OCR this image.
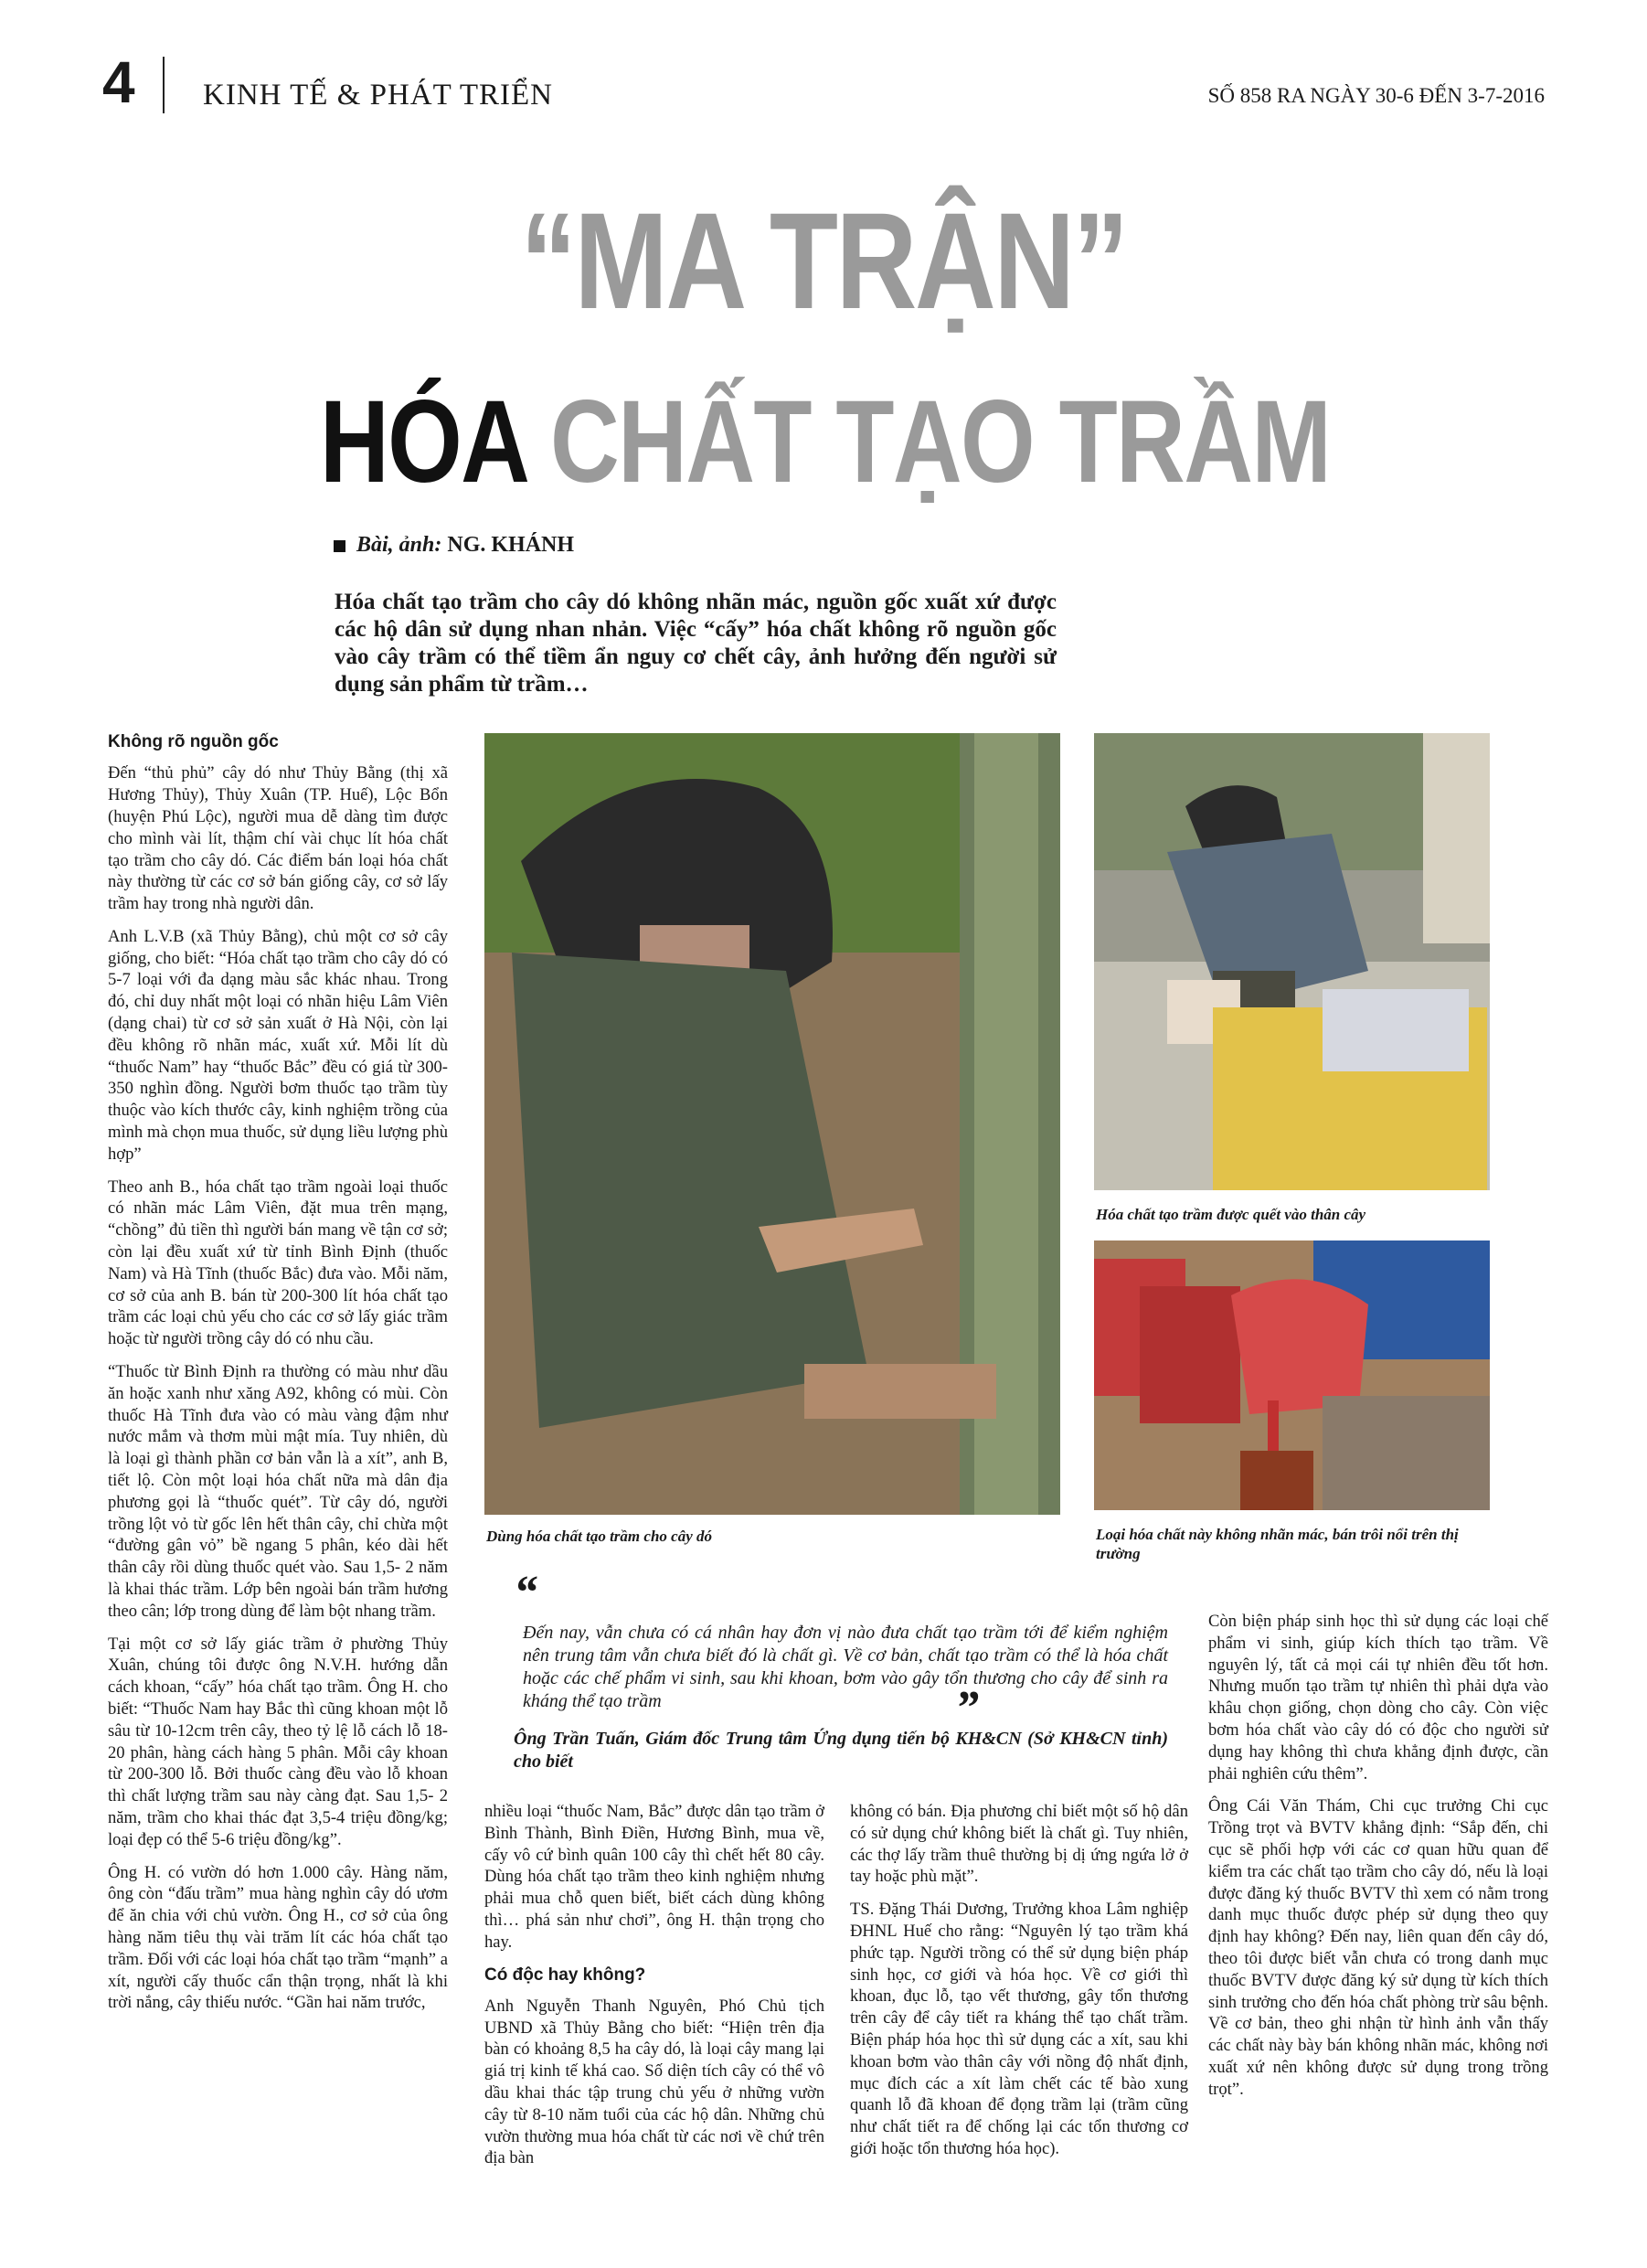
4 KINH TẾ & PHÁT TRIỂN	SỐ 858 RA NGÀY 30-6 ĐẾN 3-7-2016
“MA TRẬN”
HÓA CHẤT TẠO TRẦM
Bài, ảnh: NG. KHÁNH
Hóa chất tạo trầm cho cây dó không nhãn mác, nguồn gốc xuất xứ được các hộ dân sử dụng nhan nhản. Việc “cấy” hóa chất không rõ nguồn gốc vào cây trầm có thể tiềm ẩn nguy cơ chết cây, ảnh hưởng đến người sử dụng sản phẩm từ trầm…
Không rõ nguồn gốc

Đến “thủ phủ” cây dó như Thủy Bằng (thị xã Hương Thủy), Thủy Xuân (TP. Huế), Lộc Bổn (huyện Phú Lộc), người mua dễ dàng tìm được cho mình vài lít, thậm chí vài chục lít hóa chất tạo trầm cho cây dó. Các điểm bán loại hóa chất này thường từ các cơ sở bán giống cây, cơ sở lấy trầm hay trong nhà người dân.

Anh L.V.B (xã Thủy Bằng), chủ một cơ sở cây giống, cho biết: “Hóa chất tạo trầm cho cây dó có 5-7 loại với đa dạng màu sắc khác nhau. Trong đó, chỉ duy nhất một loại có nhãn hiệu Lâm Viên (dạng chai) từ cơ sở sản xuất ở Hà Nội, còn lại đều không rõ nhãn mác, xuất xứ. Mỗi lít dù “thuốc Nam” hay “thuốc Bắc” đều có giá từ 300-350 nghìn đồng. Người bơm thuốc tạo trầm tùy thuộc vào kích thước cây, kinh nghiệm trồng của mình mà chọn mua thuốc, sử dụng liều lượng phù hợp”

Theo anh B., hóa chất tạo trầm ngoài loại thuốc có nhãn mác Lâm Viên, đặt mua trên mạng, “chồng” đủ tiền thì người bán mang về tận cơ sở; còn lại đều xuất xứ từ tỉnh Bình Định (thuốc Nam) và Hà Tĩnh (thuốc Bắc) đưa vào. Mỗi năm, cơ sở của anh B. bán từ 200-300 lít hóa chất tạo trầm các loại chủ yếu cho các cơ sở lấy giác trầm hoặc từ người trồng cây dó có nhu cầu.

“Thuốc từ Bình Định ra thường có màu như dầu ăn hoặc xanh như xăng A92, không có mùi. Còn thuốc Hà Tĩnh đưa vào có màu vàng đậm như nước mắm và thơm mùi mật mía. Tuy nhiên, dù là loại gì thành phần cơ bản vẫn là a xít”, anh B, tiết lộ. Còn một loại hóa chất nữa mà dân địa phương gọi là “thuốc quét”. Từ cây dó, người trồng lột vỏ từ gốc lên hết thân cây, chỉ chừa một “đường gân vỏ” bề ngang 5 phân, kéo dài hết thân cây rồi dùng thuốc quét vào. Sau 1,5- 2 năm là khai thác trầm. Lớp bên ngoài bán trầm hương theo cân; lớp trong dùng để làm bột nhang trầm.

Tại một cơ sở lấy giác trầm ở phường Thủy Xuân, chúng tôi được ông N.V.H. hướng dẫn cách khoan, “cấy” hóa chất tạo trầm. Ông H. cho biết: “Thuốc Nam hay Bắc thì cũng khoan một lỗ sâu từ 10-12cm trên cây, theo tỷ lệ lỗ cách lỗ 18-20 phân, hàng cách hàng 5 phân. Mỗi cây khoan từ 200-300 lỗ. Bởi thuốc càng đều vào lỗ khoan thì chất lượng trầm sau này càng đạt. Sau 1,5- 2 năm, trầm cho khai thác đạt 3,5-4 triệu đồng/kg; loại đẹp có thể 5-6 triệu đồng/kg”.

Ông H. có vườn dó hơn 1.000 cây. Hàng năm, ông còn “đấu trầm” mua hàng nghìn cây dó ươm để ăn chia với chủ vườn. Ông H., cơ sở của ông hàng năm tiêu thụ vài trăm lít các hóa chất tạo trầm. Đối với các loại hóa chất tạo trầm “mạnh” a xít, người cấy thuốc cẩn thận trọng, nhất là khi trời nắng, cây thiếu nước. “Gần hai năm trước,

Dùng hóa chất tạo trầm cho cây dó
Hóa chất tạo trầm được quết vào thân cây
Loại hóa chất này không nhãn mác, bán trôi nổi trên thị trường
“
Đến nay, vẫn chưa có cá nhân hay đơn vị nào đưa chất tạo trầm tới để kiểm nghiệm nên trung tâm vẫn chưa biết đó là chất gì. Về cơ bản, chất tạo trầm có thể là hóa chất hoặc các chế phẩm vi sinh, sau khi khoan, bơm vào gây tổn thương cho cây để sinh ra kháng thể tạo trầm	”
Ông Trần Tuấn, Giám đốc Trung tâm Ứng dụng tiến bộ KH&CN (Sở KH&CN tỉnh) cho biết

nhiều loại “thuốc Nam, Bắc” được dân tạo trầm ở Bình Thành, Bình Điền, Hương Bình, mua về, cấy vô cứ bình quân 100 cây thì chết hết 80 cây. Dùng hóa chất tạo trầm theo kinh nghiệm nhưng phải mua chỗ quen biết, biết cách dùng không thì… phá sản như chơi”, ông H. thận trọng cho hay.

Có độc hay không?

Anh Nguyễn Thanh Nguyên, Phó Chủ tịch UBND xã Thủy Bằng cho biết: “Hiện trên địa bàn có khoảng 8,5 ha cây dó, là loại cây mang lại giá trị kinh tế khá cao. Số diện tích cây có thể vô dầu khai thác tập trung chủ yếu ở những vườn cây từ 8-10 năm tuổi của các hộ dân. Những chủ vườn thường mua hóa chất từ các nơi về chứ trên địa bàn

không có bán. Địa phương chỉ biết một số hộ dân có sử dụng chứ không biết là chất gì. Tuy nhiên, các thợ lấy trầm thuê thường bị dị ứng ngứa lở ở tay hoặc phù mặt”.

TS. Đặng Thái Dương, Trưởng khoa Lâm nghiệp ĐHNL Huế cho rằng: “Nguyên lý tạo trầm khá phức tạp. Người trồng có thể sử dụng biện pháp sinh học, cơ giới và hóa học. Về cơ giới thì khoan, đục lỗ, tạo vết thương, gây tổn thương trên cây để cây tiết ra kháng thể tạo chất trầm. Biện pháp hóa học thì sử dụng các a xít, sau khi khoan bơm vào thân cây với nồng độ nhất định, mục đích các a xít làm chết các tế bào xung quanh lỗ đã khoan để đọng trầm lại (trầm cũng như chất tiết ra để chống lại các tổn thương cơ giới hoặc tổn thương hóa học).

Còn biện pháp sinh học thì sử dụng các loại chế phẩm vi sinh, giúp kích thích tạo trầm. Về nguyên lý, tất cả mọi cái tự nhiên đều tốt hơn. Nhưng muốn tạo trầm tự nhiên thì phải dựa vào khâu chọn giống, chọn dòng cho cây. Còn việc bơm hóa chất vào cây dó có độc cho người sử dụng hay không thì chưa khẳng định được, cần phải nghiên cứu thêm”.

Ông Cái Văn Thám, Chi cục trưởng Chi cục Trồng trọt và BVTV khẳng định: “Sắp đến, chi cục sẽ phối hợp với các cơ quan hữu quan để kiểm tra các chất tạo trầm cho cây dó, nếu là loại được đăng ký thuốc BVTV thì xem có nằm trong danh mục thuốc được phép sử dụng theo quy định hay không? Đến nay, liên quan đến cây dó, theo tôi được biết vẫn chưa có trong danh mục thuốc BVTV được đăng ký sử dụng từ kích thích sinh trưởng cho đến hóa chất phòng trừ sâu bệnh. Về cơ bản, theo ghi nhận từ hình ảnh vẫn thấy các chất này bày bán không nhãn mác, không nơi xuất xứ nên không được sử dụng trong trồng trọt”.
